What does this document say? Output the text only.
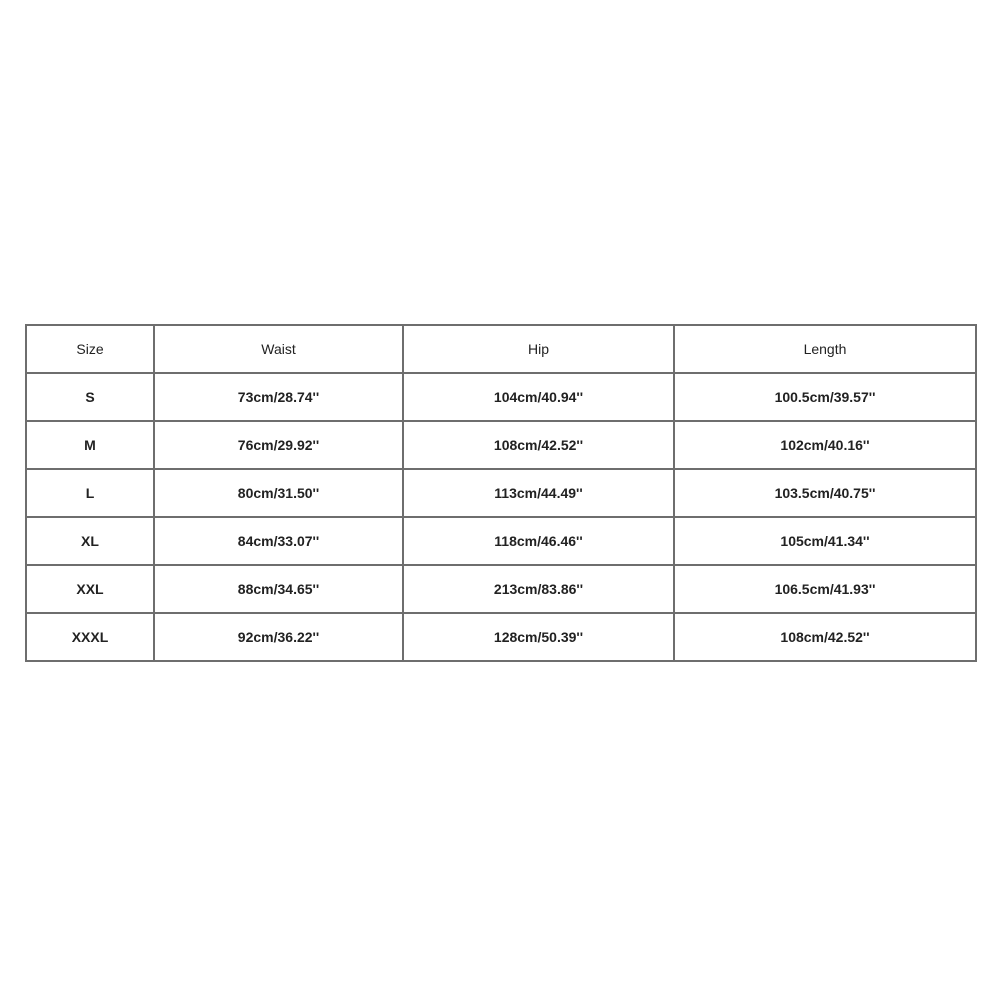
Size	Waist	Hip	Length
S	73cm/28.74''	104cm/40.94''	100.5cm/39.57''
M	76cm/29.92''	108cm/42.52''	102cm/40.16''
L	80cm/31.50''	113cm/44.49''	103.5cm/40.75''
XL	84cm/33.07''	118cm/46.46''	105cm/41.34''
XXL	88cm/34.65''	213cm/83.86''	106.5cm/41.93''
XXXL	92cm/36.22''	128cm/50.39''	108cm/42.52''
